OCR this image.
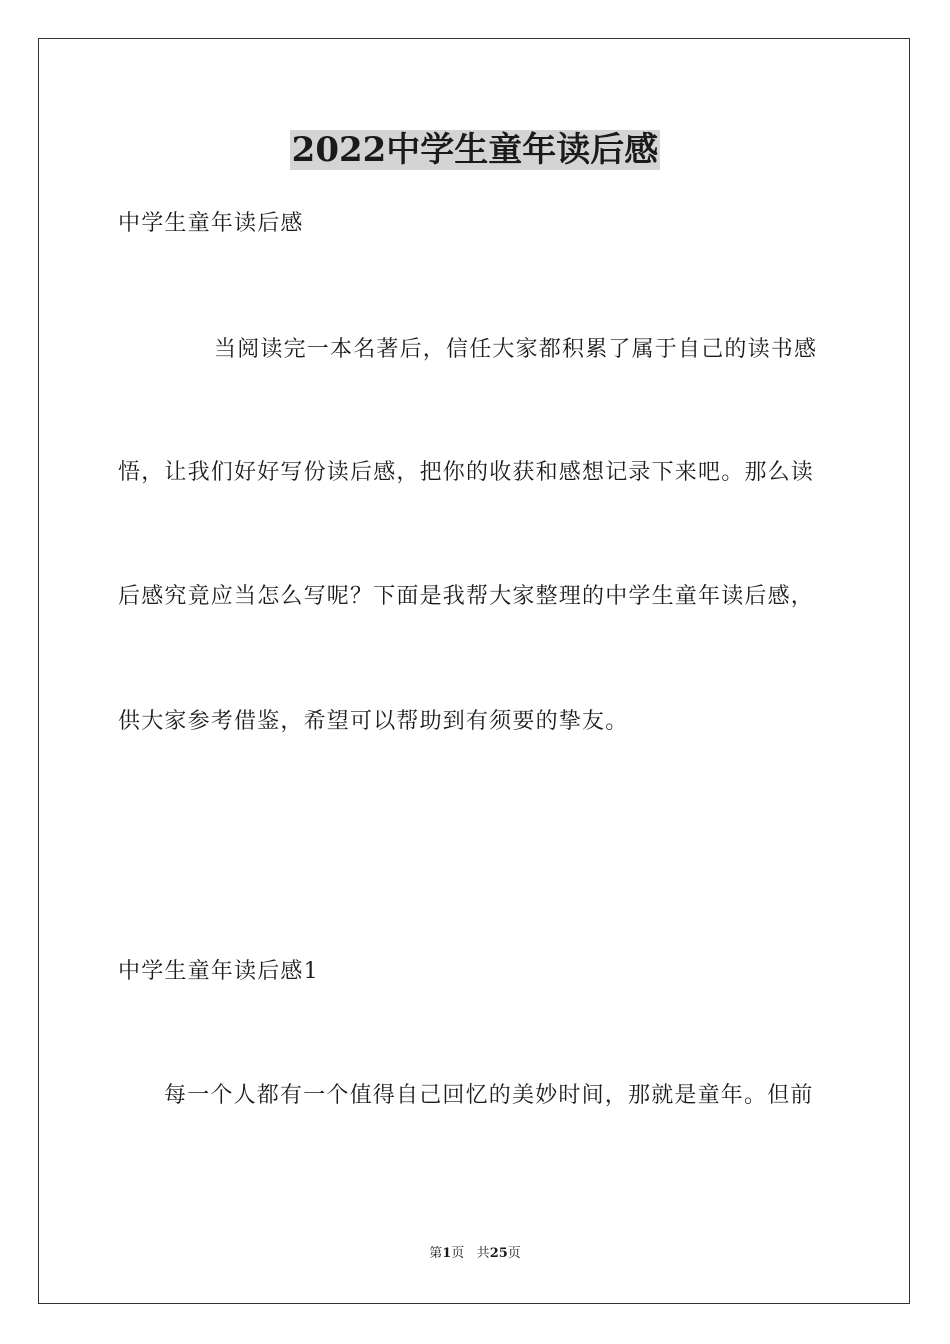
2022中学生童年读后感
中学生童年读后感
当阅读完一本名著后，信任大家都积累了属于自己的读书感
悟，让我们好好写份读后感，把你的收获和感想记录下来吧。那么读
后感究竟应当怎么写呢？下面是我帮大家整理的中学生童年读后感，
供大家参考借鉴，希望可以帮助到有须要的挚友。
中学生童年读后感1
每一个人都有一个值得自己回忆的美妙时间，那就是童年。但前
第1页 共25页
